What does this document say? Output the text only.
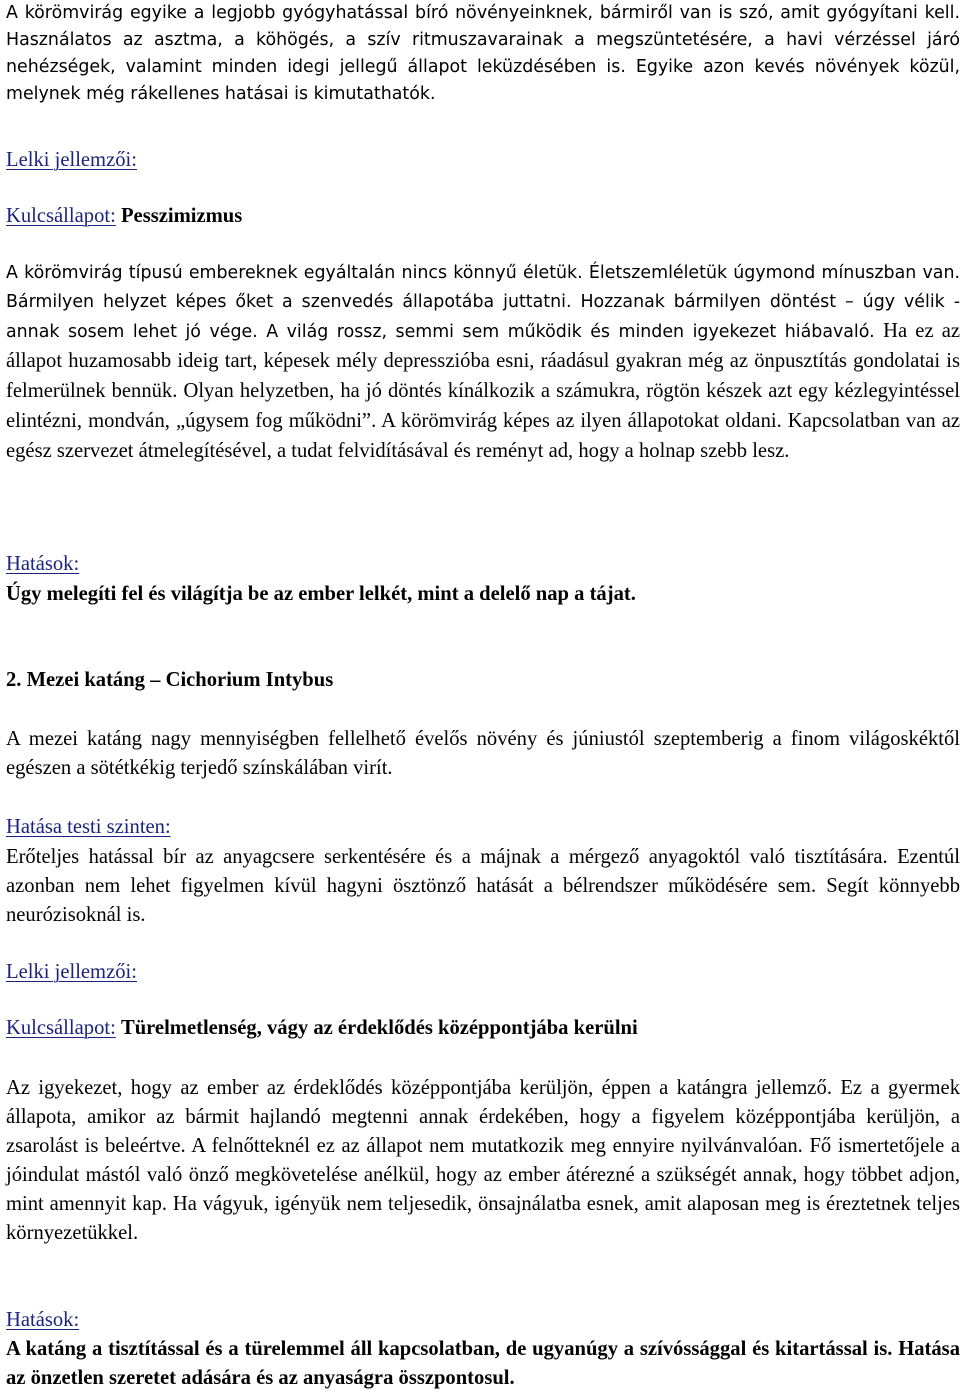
A körömvirág egyike a legjobb gyógyhatással bíró növényeinknek, bármiről van is szó, amit gyógyítani kell. Használatos az asztma, a köhögés, a szív ritmuszavarainak a megszüntetésére, a havi vérzéssel járó nehézségek, valamint minden idegi jellegű állapot leküzdésében is. Egyike azon kevés növények közül, melynek még rákellenes hatásai is kimutathatók.

Lelki jellemzői:

Kulcsállapot: Pesszimizmus

A körömvirág típusú embereknek egyáltalán nincs könnyű életük. Életszemléletük úgymond mínuszban van. Bármilyen helyzet képes őket a szenvedés állapotába juttatni. Hozzanak bármilyen döntést – úgy vélik - annak sosem lehet jó vége. A világ rossz, semmi sem működik és minden igyekezet hiábavaló. Ha ez az állapot huzamosabb ideig tart, képesek mély depresszióba esni, ráadásul gyakran még az önpusztítás gondolatai is felmerülnek bennük. Olyan helyzetben, ha jó döntés kínálkozik a számukra, rögtön készek azt egy kézlegyintéssel elintézni, mondván, „úgysem fog működni”. A körömvirág képes az ilyen állapotokat oldani. Kapcsolatban van az egész szervezet átmelegítésével, a tudat felvidításával és reményt ad, hogy a holnap szebb lesz.

Hatások:

Úgy melegíti fel és világítja be az ember lelkét, mint a delelő nap a tájat.

2. Mezei katáng – Cichorium Intybus

A mezei katáng nagy mennyiségben fellelhető évelős növény és júniustól szeptemberig a finom világoskéktől egészen a sötétkékig terjedő színskálában virít.

Hatása testi szinten:

Erőteljes hatással bír az anyagcsere serkentésére és a májnak a mérgező anyagoktól való tisztítására. Ezentúl azonban nem lehet figyelmen kívül hagyni ösztönző hatását a bélrendszer működésére sem. Segít könnyebb neurózisoknál is.

Lelki jellemzői:

Kulcsállapot: Türelmetlenség, vágy az érdeklődés középpontjába kerülni

Az igyekezet, hogy az ember az érdeklődés középpontjába kerüljön, éppen a katángra jellemző. Ez a gyermek állapota, amikor az bármit hajlandó megtenni annak érdekében, hogy a figyelem középpontjába kerüljön, a zsarolást is beleértve. A felnőtteknél ez az állapot nem mutatkozik meg ennyire nyilvánvalóan. Fő ismertetőjele a jóindulat mástól való önző megkövetelése anélkül, hogy az ember átérezné a szükségét annak, hogy többet adjon, mint amennyit kap. Ha vágyuk, igényük nem teljesedik, önsajnálatba esnek, amit alaposan meg is éreztetnek teljes környezetükkel.

Hatások:

A katáng a tisztítással és a türelemmel áll kapcsolatban, de ugyanúgy a szívóssággal és kitartással is. Hatása az önzetlen szeretet adására és az anyaságra összpontosul.
